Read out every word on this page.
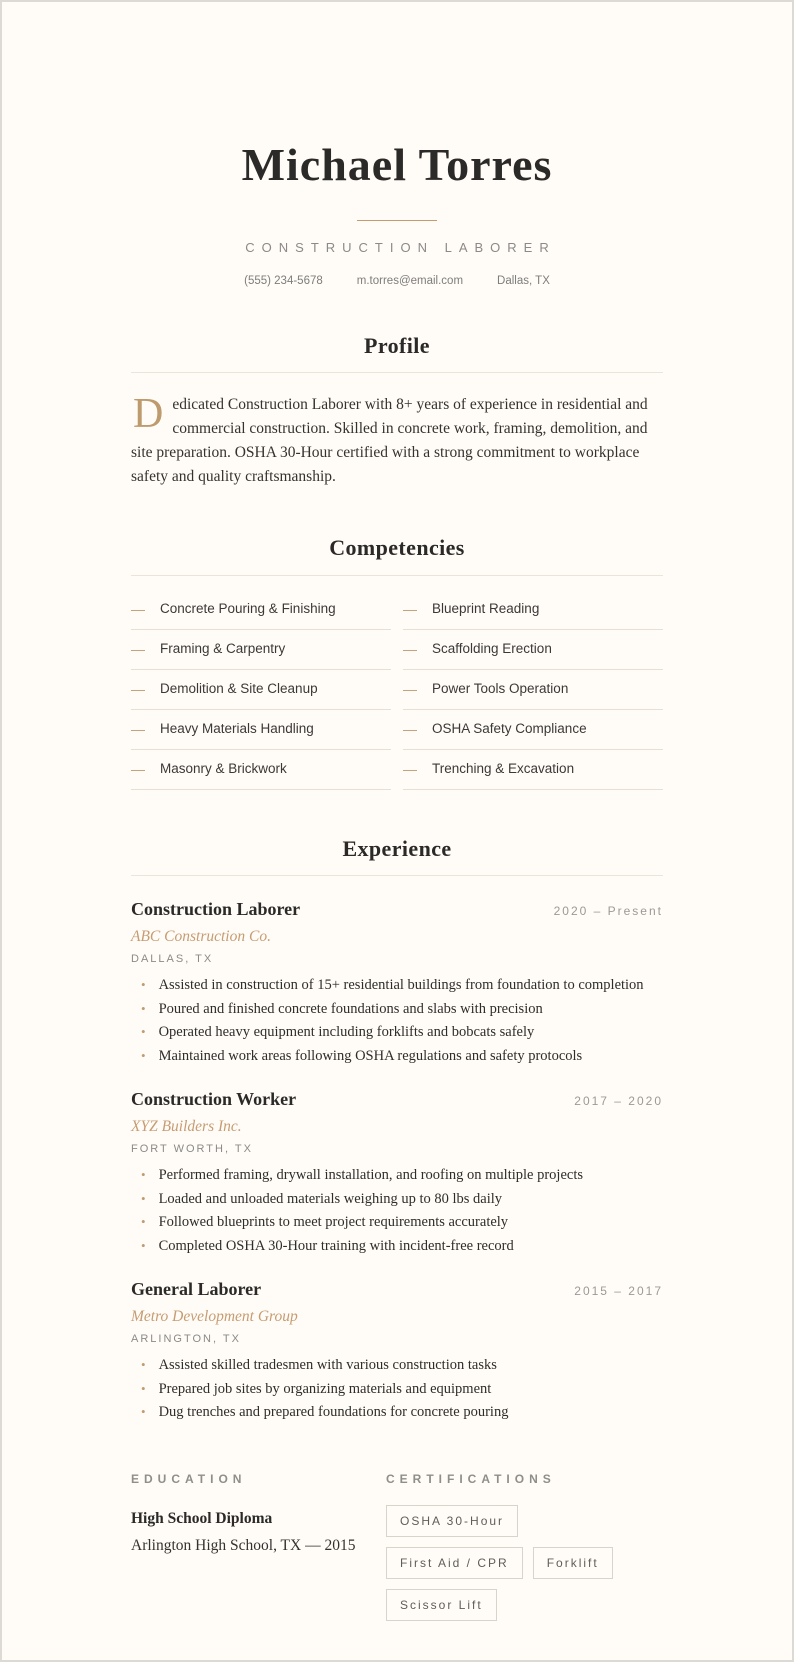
Michael Torres
CONSTRUCTION LABORER
(555) 234-5678	m.torres@email.com	Dallas, TX
Profile
Dedicated Construction Laborer with 8+ years of experience in residential and commercial construction. Skilled in concrete work, framing, demolition, and site preparation. OSHA 30-Hour certified with a strong commitment to workplace safety and quality craftsmanship.
Competencies
— Concrete Pouring & Finishing	— Blueprint Reading
— Framing & Carpentry	— Scaffolding Erection
— Demolition & Site Cleanup	— Power Tools Operation
— Heavy Materials Handling	— OSHA Safety Compliance
— Masonry & Brickwork	— Trenching & Excavation
Experience
Construction Laborer	2020 – Present
ABC Construction Co.
DALLAS, TX
• Assisted in construction of 15+ residential buildings from foundation to completion
• Poured and finished concrete foundations and slabs with precision
• Operated heavy equipment including forklifts and bobcats safely
• Maintained work areas following OSHA regulations and safety protocols
Construction Worker	2017 – 2020
XYZ Builders Inc.
FORT WORTH, TX
• Performed framing, drywall installation, and roofing on multiple projects
• Loaded and unloaded materials weighing up to 80 lbs daily
• Followed blueprints to meet project requirements accurately
• Completed OSHA 30-Hour training with incident-free record
General Laborer	2015 – 2017
Metro Development Group
ARLINGTON, TX
• Assisted skilled tradesmen with various construction tasks
• Prepared job sites by organizing materials and equipment
• Dug trenches and prepared foundations for concrete pouring
EDUCATION
High School Diploma
Arlington High School, TX — 2015
CERTIFICATIONS
OSHA 30-Hour
First Aid / CPR	Forklift
Scissor Lift
